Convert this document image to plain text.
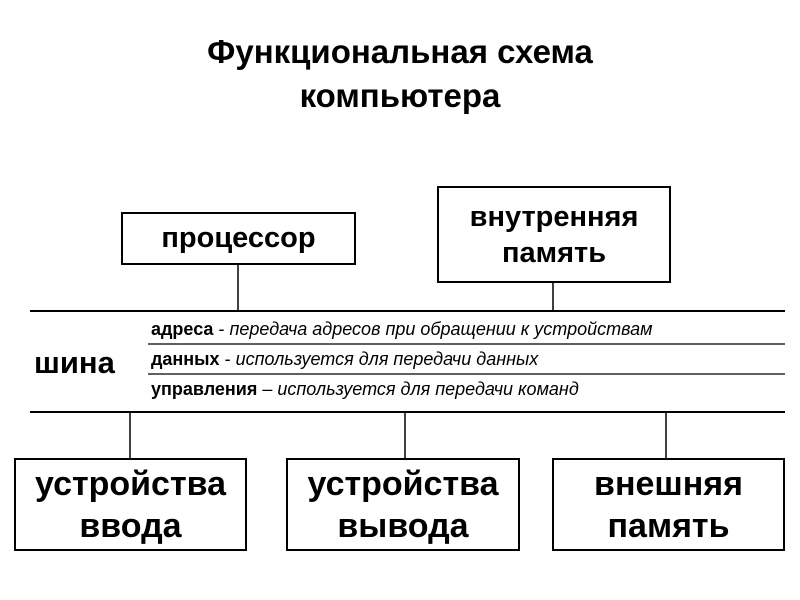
Функциональная схема
компьютера
процессор
внутренняя
память
шина
адреса - передача адресов при обращении к устройствам
данных - используется для передачи данных
управления – используется для передачи команд
устройства
ввода
устройства
вывода
внешняя
память
